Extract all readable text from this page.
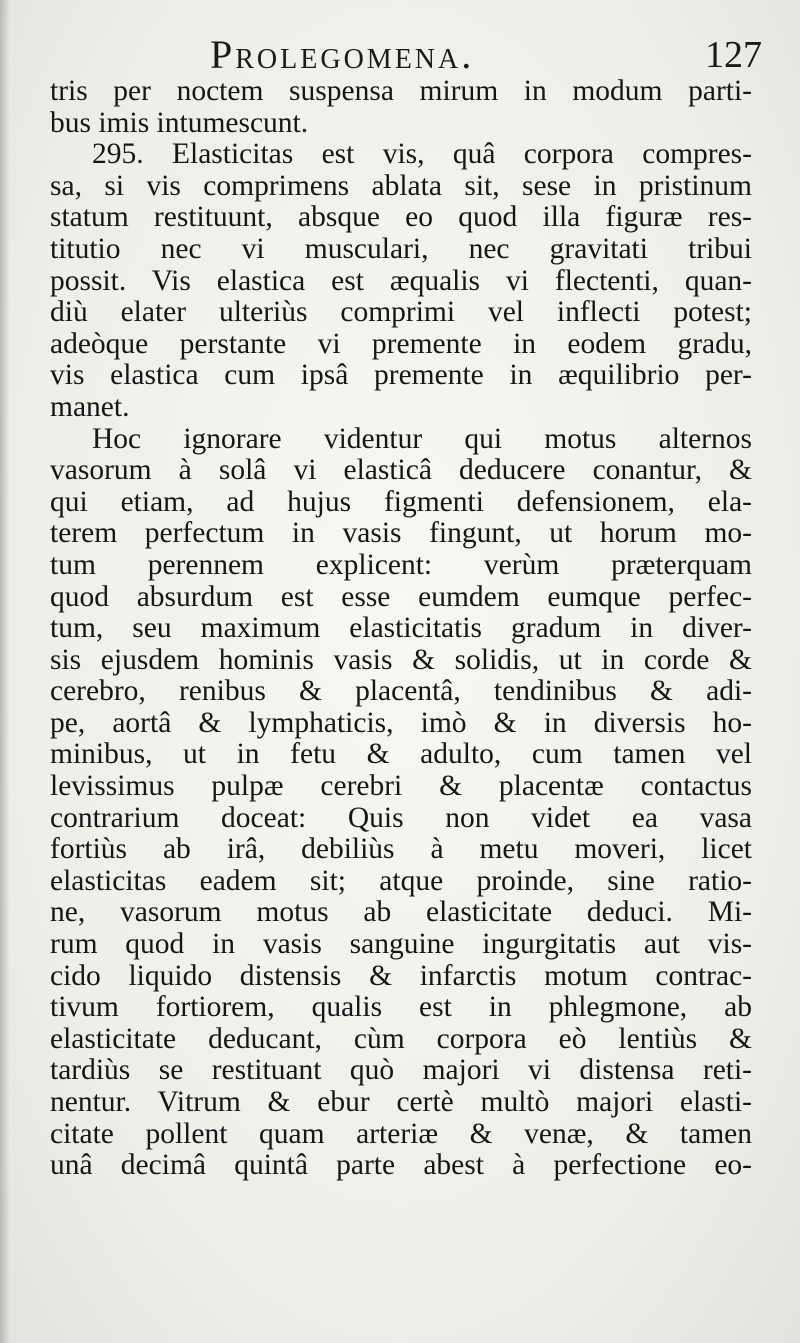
Prolegomena.	127
tris per noctem suspensa mirum in modum parti-
bus imis intumescunt.
295. Elasticitas est vis, quâ corpora compres-
sa, si vis comprimens ablata sit, sese in pristinum
statum restituunt, absque eo quod illa figuræ res-
titutio nec vi musculari, nec gravitati tribui
possit. Vis elastica est æqualis vi flectenti, quan-
diù elater ulteriùs comprimi vel inflecti potest;
adeòque perstante vi premente in eodem gradu,
vis elastica cum ipsâ premente in æquilibrio per-
manet.
Hoc ignorare videntur qui motus alternos
vasorum à solâ vi elasticâ deducere conantur, &
qui etiam, ad hujus figmenti defensionem, ela-
terem perfectum in vasis fingunt, ut horum mo-
tum perennem explicent: verùm præterquam
quod absurdum est esse eumdem eumque perfec-
tum, seu maximum elasticitatis gradum in diver-
sis ejusdem hominis vasis & solidis, ut in corde &
cerebro, renibus & placentâ, tendinibus & adi-
pe, aortâ & lymphaticis, imò & in diversis ho-
minibus, ut in fetu & adulto, cum tamen vel
levissimus pulpæ cerebri & placentæ contactus
contrarium doceat: Quis non videt ea vasa
fortiùs ab irâ, debiliùs à metu moveri, licet
elasticitas eadem sit; atque proinde, sine ratio-
ne, vasorum motus ab elasticitate deduci. Mi-
rum quod in vasis sanguine ingurgitatis aut vis-
cido liquido distensis & infarctis motum contrac-
tivum fortiorem, qualis est in phlegmone, ab
elasticitate deducant, cùm corpora eò lentiùs &
tardiùs se restituant quò majori vi distensa reti-
nentur. Vitrum & ebur certè multò majori elasti-
citate pollent quam arteriæ & venæ, & tamen
unâ decimâ quintâ parte abest à perfectione eo-
